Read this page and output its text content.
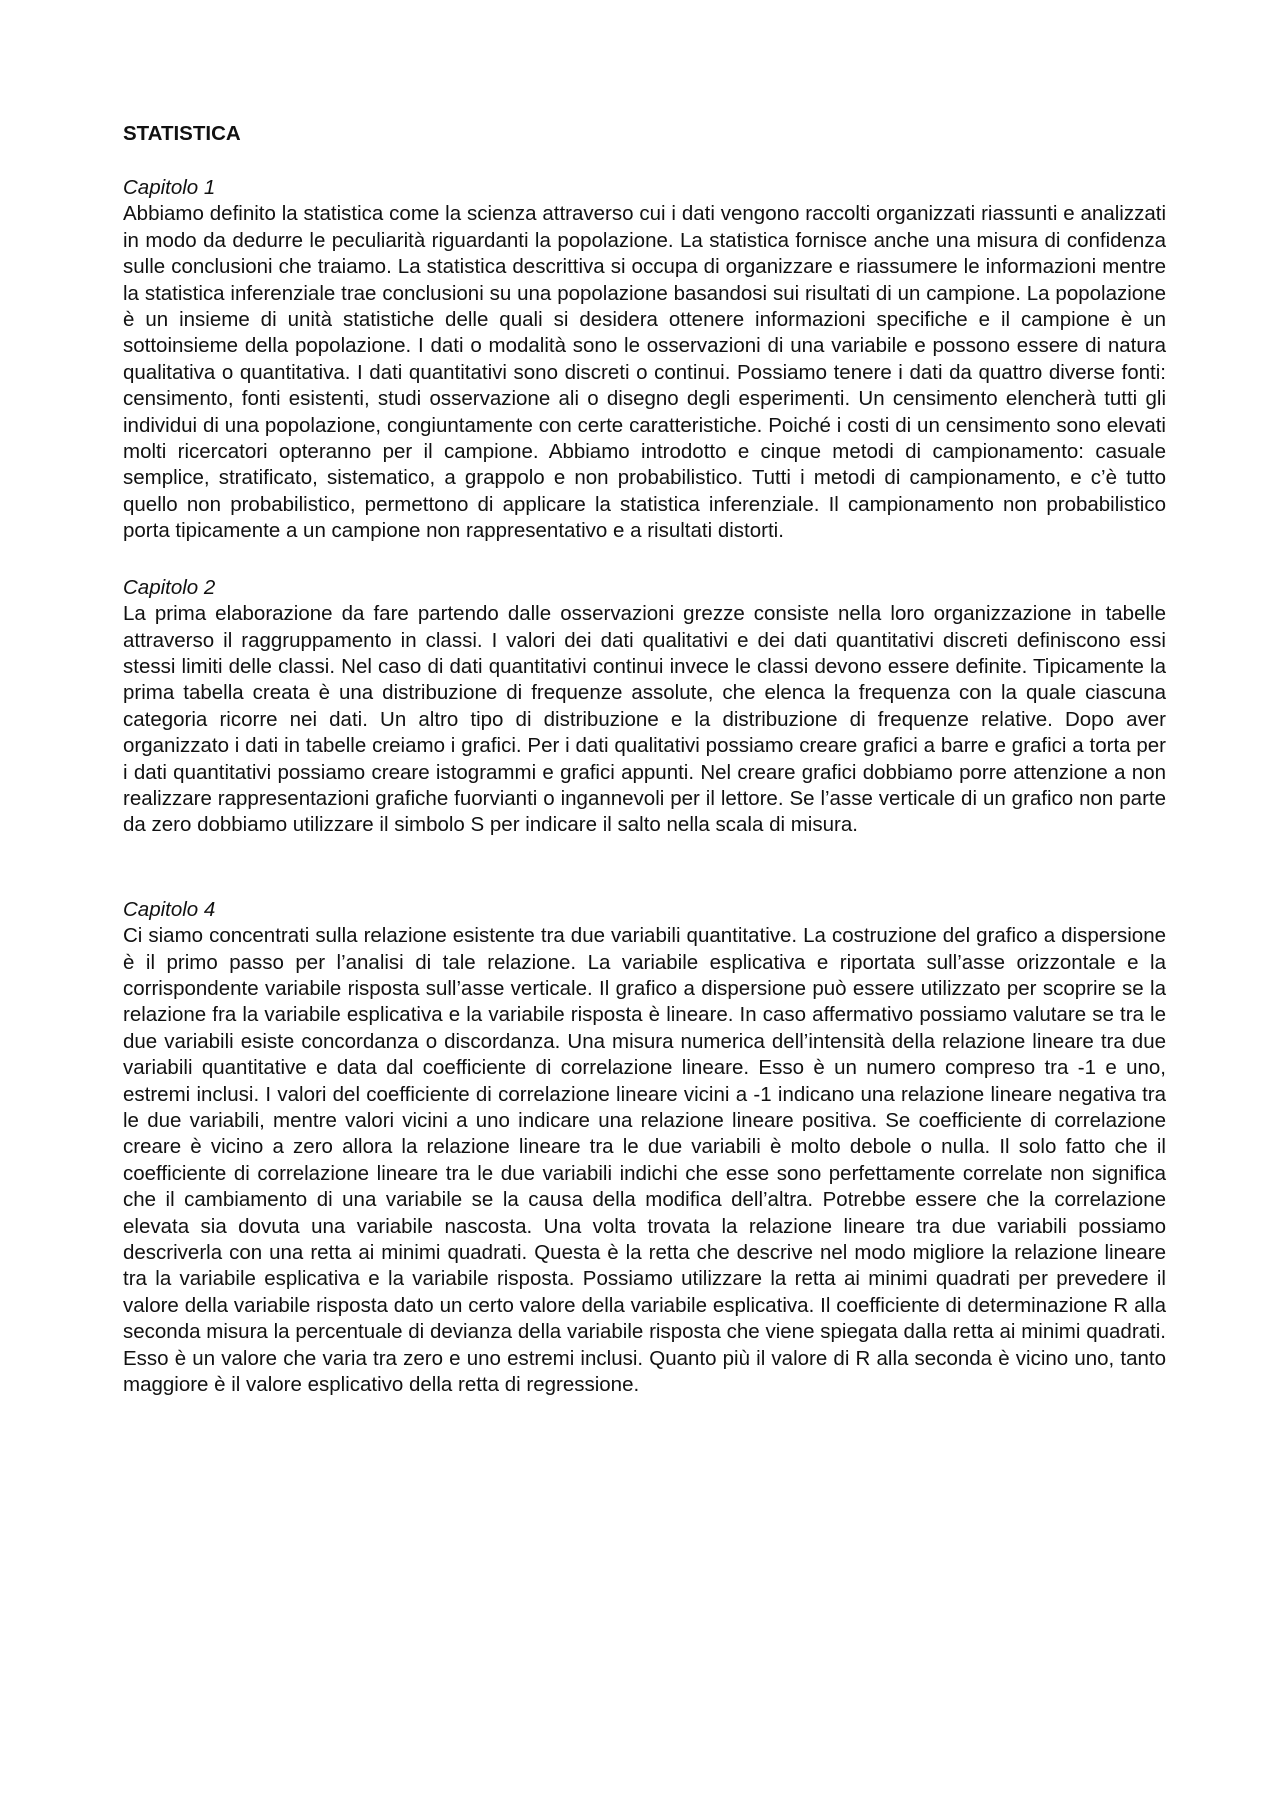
STATISTICA
Capitolo 1
Abbiamo definito la statistica come la scienza attraverso cui i dati vengono raccolti organizzati riassunti e analizzati in modo da dedurre le peculiarità riguardanti la popolazione. La statistica fornisce anche una misura di confidenza sulle conclusioni che traiamo. La statistica descrittiva si occupa di organizzare e riassumere le informazioni mentre la statistica inferenziale trae conclusioni su una popolazione basandosi sui risultati di un campione. La popolazione è un insieme di unità statistiche delle quali si desidera ottenere informazioni specifiche e il campione è un sottoinsieme della popolazione. I dati o modalità sono le osservazioni di una variabile e possono essere di natura qualitativa o quantitativa. I dati quantitativi sono discreti o continui. Possiamo tenere i dati da quattro diverse fonti: censimento, fonti esistenti, studi osservazione ali o disegno degli esperimenti. Un censimento elencherà tutti gli individui di una popolazione, congiuntamente con certe caratteristiche. Poiché i costi di un censimento sono elevati molti ricercatori opteranno per il campione. Abbiamo introdotto e cinque metodi di campionamento: casuale semplice, stratificato, sistematico, a grappolo e non probabilistico. Tutti i metodi di campionamento, e c’è tutto quello non probabilistico, permettono di applicare la statistica inferenziale. Il campionamento non probabilistico porta tipicamente a un campione non rappresentativo e a risultati distorti.
Capitolo 2
La prima elaborazione da fare partendo dalle osservazioni grezze consiste nella loro organizzazione in tabelle attraverso il raggruppamento in classi. I valori dei dati qualitativi e dei dati quantitativi discreti definiscono essi stessi limiti delle classi. Nel caso di dati quantitativi continui invece le classi devono essere definite. Tipicamente la prima tabella creata è una distribuzione di frequenze assolute, che elenca la frequenza con la quale ciascuna categoria ricorre nei dati. Un altro tipo di distribuzione e la distribuzione di frequenze relative. Dopo aver organizzato i dati in tabelle creiamo i grafici. Per i dati qualitativi possiamo creare grafici a barre e grafici a torta per i dati quantitativi possiamo creare istogrammi e grafici appunti. Nel creare grafici dobbiamo porre attenzione a non realizzare rappresentazioni grafiche fuorvianti o ingannevoli per il lettore. Se l’asse verticale di un grafico non parte da zero dobbiamo utilizzare il simbolo S per indicare il salto nella scala di misura.
Capitolo 4
Ci siamo concentrati sulla relazione esistente tra due variabili quantitative. La costruzione del grafico a dispersione è il primo passo per l’analisi di tale relazione. La variabile esplicativa e riportata sull’asse orizzontale e la corrispondente variabile risposta sull’asse verticale. Il grafico a dispersione può essere utilizzato per scoprire se la relazione fra la variabile esplicativa e la variabile risposta è lineare. In caso affermativo possiamo valutare se tra le due variabili esiste concordanza o discordanza. Una misura numerica dell’intensità della relazione lineare tra due variabili quantitative e data dal coefficiente di correlazione lineare. Esso è un numero compreso tra -1 e uno, estremi inclusi. I valori del coefficiente di correlazione lineare vicini a -1 indicano una relazione lineare negativa tra le due variabili, mentre valori vicini a uno indicare una relazione lineare positiva. Se coefficiente di correlazione creare è vicino a zero allora la relazione lineare tra le due variabili è molto debole o nulla. Il solo fatto che il coefficiente di correlazione lineare tra le due variabili indichi che esse sono perfettamente correlate non significa che il cambiamento di una variabile se la causa della modifica dell’altra. Potrebbe essere che la correlazione elevata sia dovuta una variabile nascosta. Una volta trovata la relazione lineare tra due variabili possiamo descriverla con una retta ai minimi quadrati. Questa è la retta che descrive nel modo migliore la relazione lineare tra la variabile esplicativa e la variabile risposta. Possiamo utilizzare la retta ai minimi quadrati per prevedere il valore della variabile risposta dato un certo valore della variabile esplicativa. Il coefficiente di determinazione R alla seconda misura la percentuale di devianza della variabile risposta che viene spiegata dalla retta ai minimi quadrati. Esso è un valore che varia tra zero e uno estremi inclusi. Quanto più il valore di R alla seconda è vicino uno, tanto maggiore è il valore esplicativo della retta di regressione.
